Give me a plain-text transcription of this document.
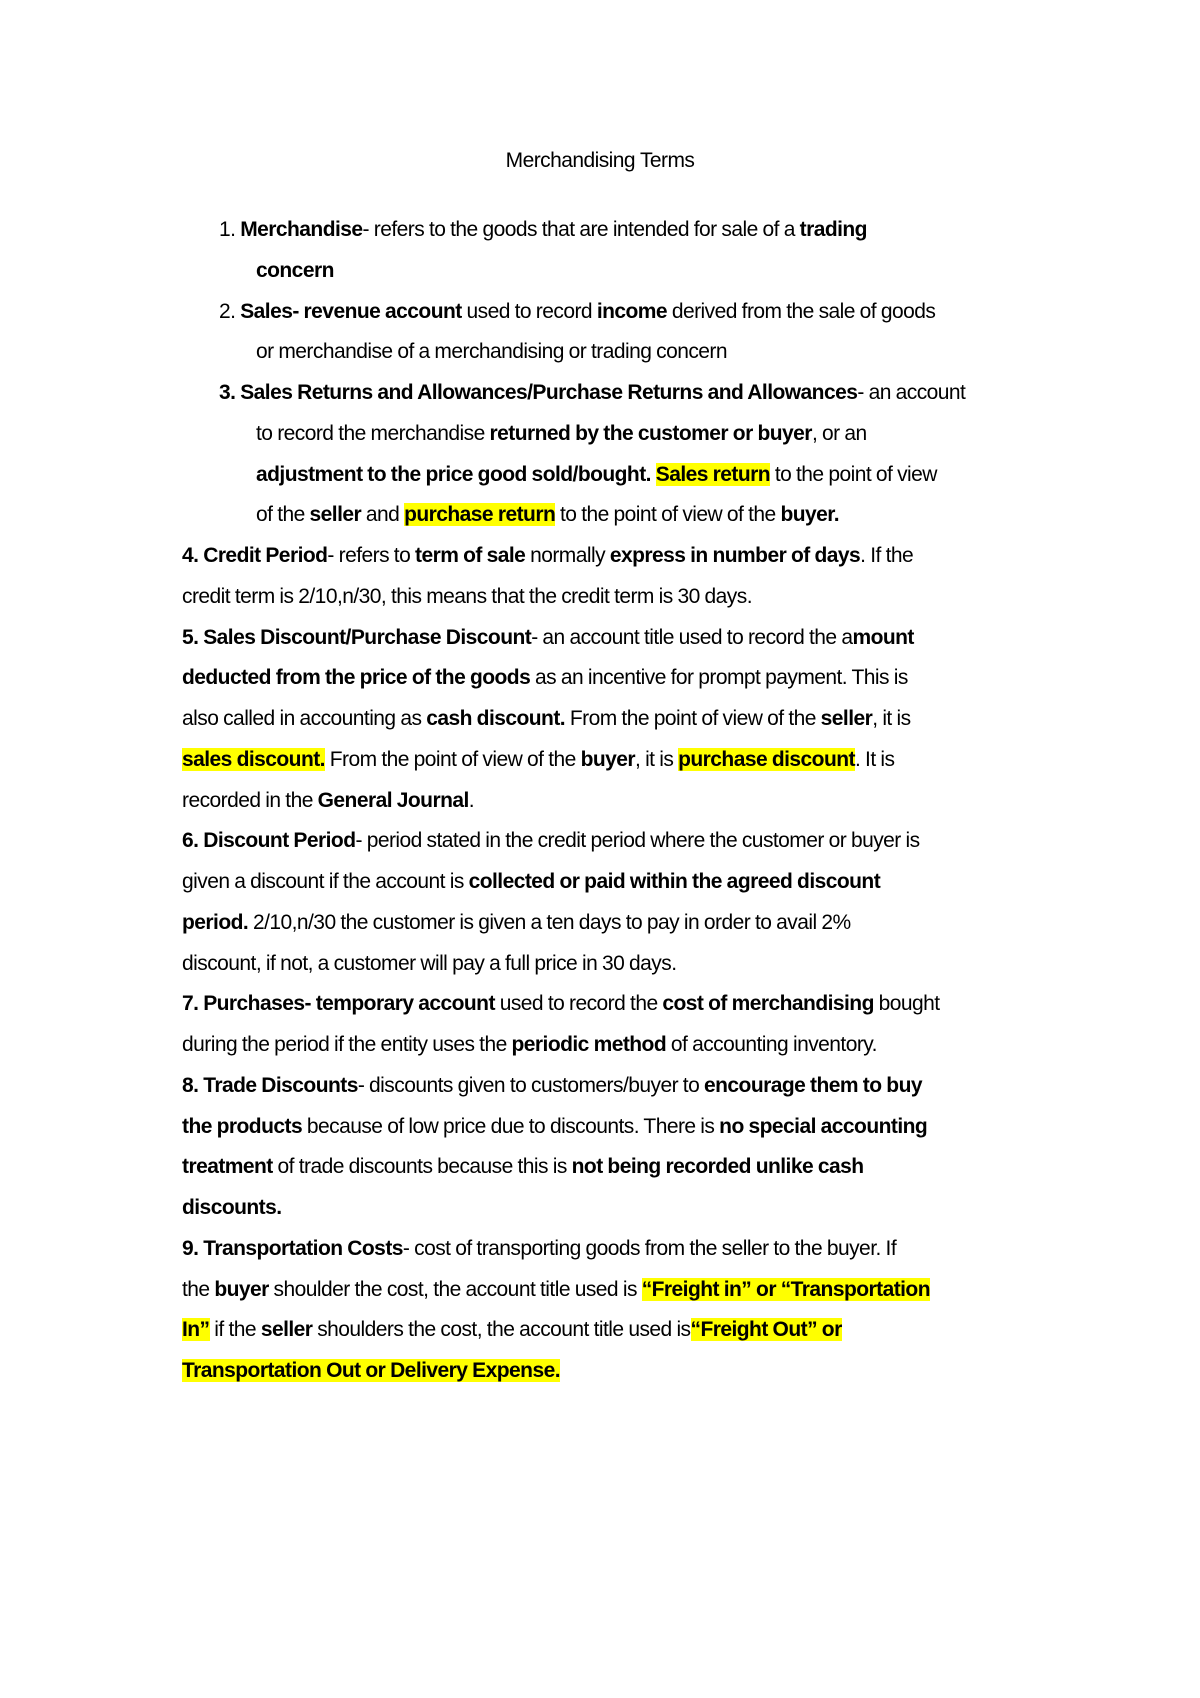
Merchandising Terms
1. Merchandise- refers to the goods that are intended for sale of a trading
concern
2. Sales- revenue account used to record income derived from the sale of goods
or merchandise of a merchandising or trading concern
3. Sales Returns and Allowances/Purchase Returns and Allowances- an account
to record the merchandise returned by the customer or buyer, or an
adjustment to the price good sold/bought. Sales return to the point of view
of the seller and purchase return to the point of view of the buyer.
4. Credit Period- refers to term of sale normally express in number of days. If the
credit term is 2/10,n/30, this means that the credit term is 30 days.
5. Sales Discount/Purchase Discount- an account title used to record the amount
deducted from the price of the goods as an incentive for prompt payment. This is
also called in accounting as cash discount. From the point of view of the seller, it is
sales discount. From the point of view of the buyer, it is purchase discount. It is
recorded in the General Journal.
6. Discount Period- period stated in the credit period where the customer or buyer is
given a discount if the account is collected or paid within the agreed discount
period. 2/10,n/30 the customer is given a ten days to pay in order to avail 2%
discount, if not, a customer will pay a full price in 30 days.
7. Purchases- temporary account used to record the cost of merchandising bought
during the period if the entity uses the periodic method of accounting inventory.
8. Trade Discounts- discounts given to customers/buyer to encourage them to buy
the products because of low price due to discounts. There is no special accounting
treatment of trade discounts because this is not being recorded unlike cash
discounts.
9. Transportation Costs- cost of transporting goods from the seller to the buyer. If
the buyer shoulder the cost, the account title used is “Freight in” or “Transportation
In” if the seller shoulders the cost, the account title used is“Freight Out” or
Transportation Out or Delivery Expense.
